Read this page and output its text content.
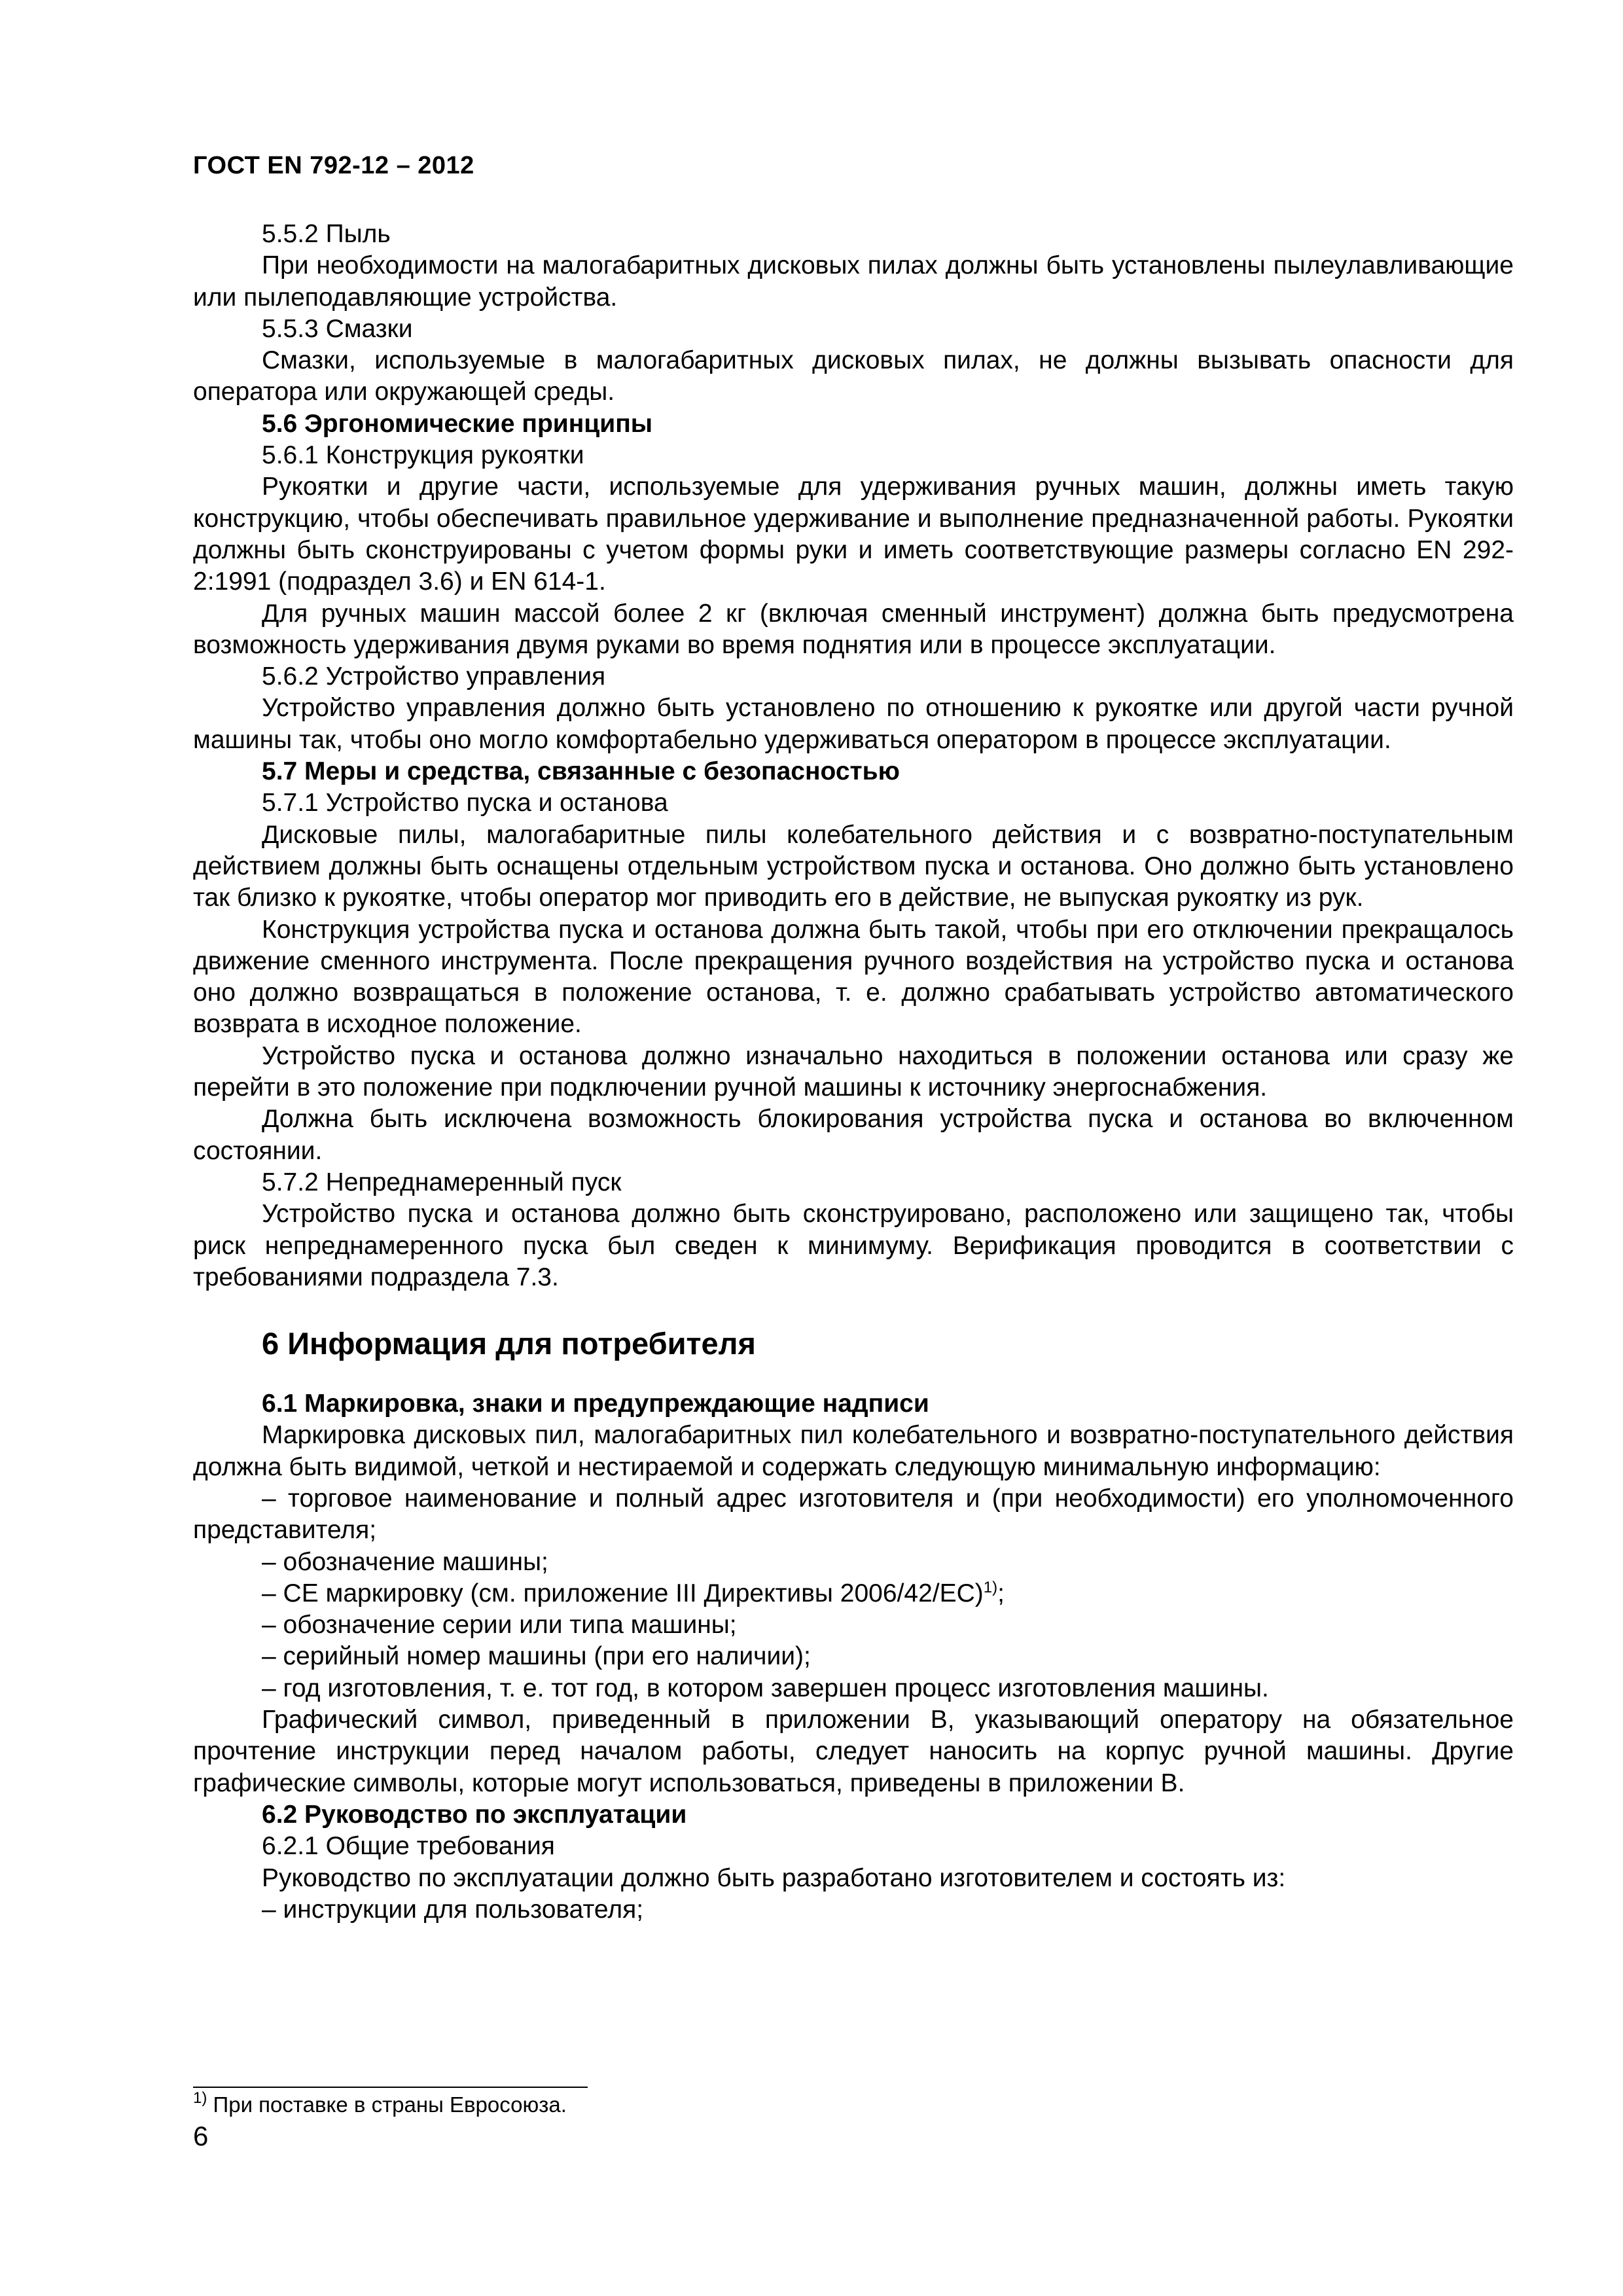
ГОСТ EN 792-12 – 2012

5.5.2 Пыль

При необходимости на малогабаритных дисковых пилах должны быть установлены пылеулавливающие или пылеподавляющие устройства.

5.5.3 Смазки

Смазки, используемые в малогабаритных дисковых пилах, не должны вызывать опасности для оператора или окружающей среды.

5.6 Эргономические принципы

5.6.1 Конструкция рукоятки

Рукоятки и другие части, используемые для удерживания ручных машин, должны иметь такую конструкцию, чтобы обеспечивать правильное удерживание и выполнение предназначенной работы. Рукоятки должны быть сконструированы с учетом формы руки и иметь соответствующие размеры согласно EN 292-2:1991 (подраздел 3.6) и EN 614-1.

Для ручных машин массой более 2 кг (включая сменный инструмент) должна быть предусмотрена возможность удерживания двумя руками во время поднятия или в процессе эксплуатации.

5.6.2 Устройство управления

Устройство управления должно быть установлено по отношению к рукоятке или другой части ручной машины так, чтобы оно могло комфортабельно удерживаться оператором в процессе эксплуатации.

5.7 Меры и средства, связанные с безопасностью

5.7.1 Устройство пуска и останова

Дисковые пилы, малогабаритные пилы колебательного действия и с возвратно-поступательным действием должны быть оснащены отдельным устройством пуска и останова. Оно должно быть установлено так близко к рукоятке, чтобы оператор мог приводить его в действие, не выпуская рукоятку из рук.

Конструкция устройства пуска и останова должна быть такой, чтобы при его отключении прекращалось движение сменного инструмента. После прекращения ручного воздействия на устройство пуска и останова оно должно возвращаться в положение останова, т. е. должно срабатывать устройство автоматического возврата в исходное положение.

Устройство пуска и останова должно изначально находиться в положении останова или сразу же перейти в это положение при подключении ручной машины к источнику энергоснабжения.

Должна быть исключена возможность блокирования устройства пуска и останова во включенном состоянии.

5.7.2 Непреднамеренный пуск

Устройство пуска и останова должно быть сконструировано, расположено или защищено так, чтобы риск непреднамеренного пуска был сведен к минимуму. Верификация проводится в соответствии с требованиями подраздела 7.3.

6 Информация для потребителя

6.1 Маркировка, знаки и предупреждающие надписи

Маркировка дисковых пил, малогабаритных пил колебательного и возвратно-поступательного действия должна быть видимой, четкой и нестираемой и содержать следующую минимальную информацию:

– торговое наименование и полный адрес изготовителя и (при необходимости) его уполномоченного представителя;

– обозначение машины;

– СЕ маркировку (см. приложение III Директивы 2006/42/ЕС)$^{1)}$;

– обозначение серии или типа машины;

– серийный номер машины (при его наличии);

– год изготовления, т. е. тот год, в котором завершен процесс изготовления машины.

Графический символ, приведенный в приложении В, указывающий оператору на обязательное прочтение инструкции перед началом работы, следует наносить на корпус ручной машины. Другие графические символы, которые могут использоваться, приведены в приложении В.

6.2 Руководство по эксплуатации

6.2.1 Общие требования

Руководство по эксплуатации должно быть разработано изготовителем и состоять из:

– инструкции для пользователя;

$^{1)}$ При поставке в страны Евросоюза.
6
